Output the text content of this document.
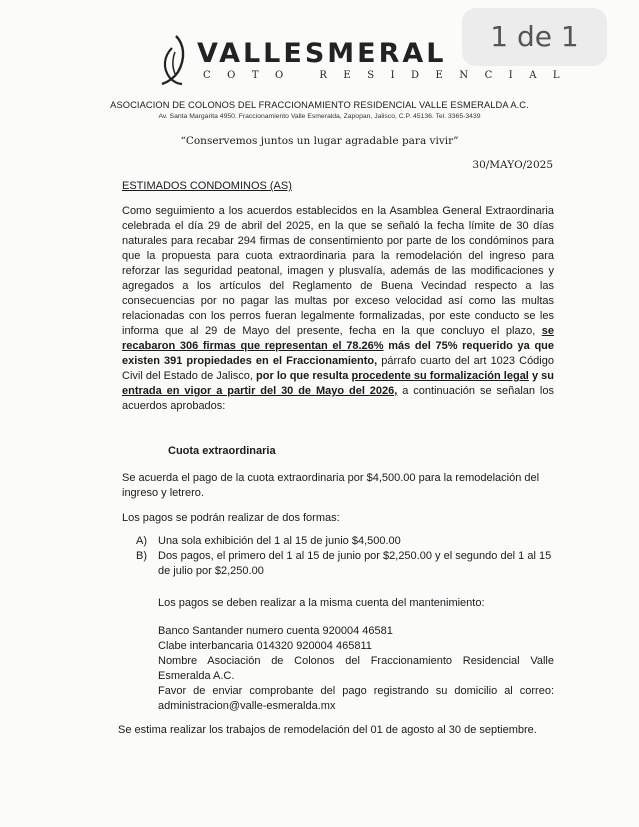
1 de 1
VALLESMERAL
COTO RESIDENCIAL
ASOCIACION DE COLONOS DEL FRACCIONAMIENTO RESIDENCIAL VALLE ESMERALDA A.C.
Av. Santa Margarita 4950. Fraccionamiento Valle Esmeralda, Zapopan, Jalisco, C.P. 45136. Tel. 3365-3439
“Conservemos juntos un lugar agradable para vivir”
30/MAYO/2025
ESTIMADOS CONDOMINOS (AS)
Como seguimiento a los acuerdos establecidos en la Asamblea General Extraordinaria celebrada el día 29 de abril del 2025, en la que se señaló la fecha límite de 30 días naturales para recabar 294 firmas de consentimiento por parte de los condóminos para que la propuesta para cuota extraordinaria para la remodelación del ingreso para reforzar las seguridad peatonal, imagen y plusvalía, además de las modificaciones y agregados a los artículos del Reglamento de Buena Vecindad respecto a las consecuencias por no pagar las multas por exceso velocidad así como las multas relacionadas con los perros fueran legalmente formalizadas, por este conducto se les informa que al 29 de Mayo del presente, fecha en la que concluyo el plazo, se recabaron 306 firmas que representan el 78.26% más del 75% requerido ya que existen 391 propiedades en el Fraccionamiento, párrafo cuarto del art 1023 Código Civil del Estado de Jalisco, por lo que resulta procedente su formalización legal y su entrada en vigor a partir del 30 de Mayo del 2026, a continuación se señalan los acuerdos aprobados:
Cuota extraordinaria
Se acuerda el pago de la cuota extraordinaria por $4,500.00 para la remodelación del ingreso y letrero.
Los pagos se podrán realizar de dos formas:
A) Una sola exhibición del 1 al 15 de junio $4,500.00
B) Dos pagos, el primero del 1 al 15 de junio por $2,250.00 y el segundo del 1 al 15 de julio por $2,250.00
Los pagos se deben realizar a la misma cuenta del mantenimiento:
Banco Santander numero cuenta 920004 46581
Clabe interbancaria 014320 920004 465811
Nombre Asociación de Colonos del Fraccionamiento Residencial Valle Esmeralda A.C.
Favor de enviar comprobante del pago registrando su domicilio al correo: administracion@valle-esmeralda.mx
Se estima realizar los trabajos de remodelación del 01 de agosto al 30 de septiembre.
